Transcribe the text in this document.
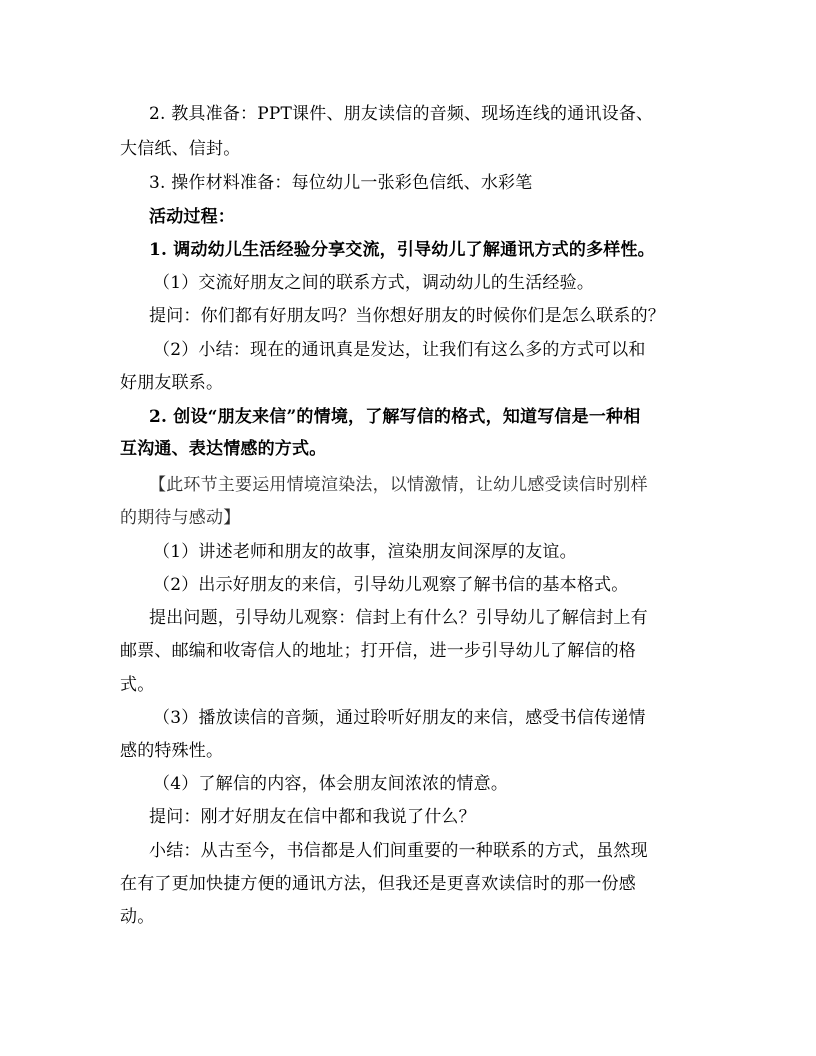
2. 教具准备：PPT课件、朋友读信的音频、现场连线的通讯设备、
大信纸、信封。
3. 操作材料准备：每位幼儿一张彩色信纸、水彩笔
活动过程：
1. 调动幼儿生活经验分享交流，引导幼儿了解通讯方式的多样性。
（1）交流好朋友之间的联系方式，调动幼儿的生活经验。
提问：你们都有好朋友吗？当你想好朋友的时候你们是怎么联系的？
（2）小结：现在的通讯真是发达，让我们有这么多的方式可以和
好朋友联系。
2. 创设“朋友来信”的情境，了解写信的格式，知道写信是一种相
互沟通、表达情感的方式。
【此环节主要运用情境渲染法，以情激情，让幼儿感受读信时别样
的期待与感动】
（1）讲述老师和朋友的故事，渲染朋友间深厚的友谊。
（2）出示好朋友的来信，引导幼儿观察了解书信的基本格式。
提出问题，引导幼儿观察：信封上有什么？引导幼儿了解信封上有
邮票、邮编和收寄信人的地址；打开信，进一步引导幼儿了解信的格
式。
（3）播放读信的音频，通过聆听好朋友的来信，感受书信传递情
感的特殊性。
（4）了解信的内容，体会朋友间浓浓的情意。
提问：刚才好朋友在信中都和我说了什么？
小结：从古至今，书信都是人们间重要的一种联系的方式，虽然现
在有了更加快捷方便的通讯方法，但我还是更喜欢读信时的那一份感
动。
